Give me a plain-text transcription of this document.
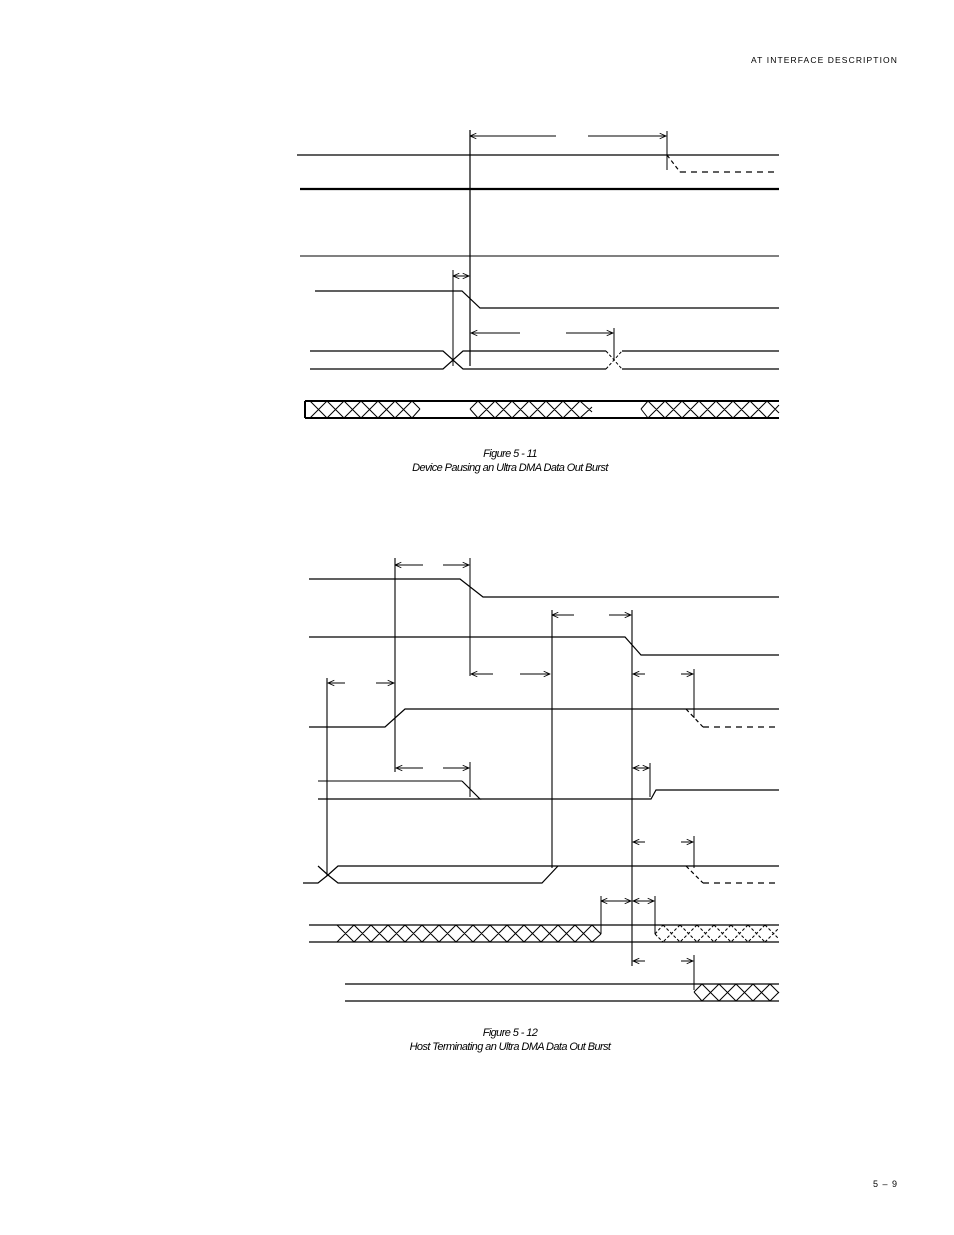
AT INTERFACE DESCRIPTION
Figure 5 - 11
Device Pausing an Ultra DMA Data Out Burst
Figure 5 - 12
Host Terminating an Ultra DMA Data Out Burst
5 – 9
